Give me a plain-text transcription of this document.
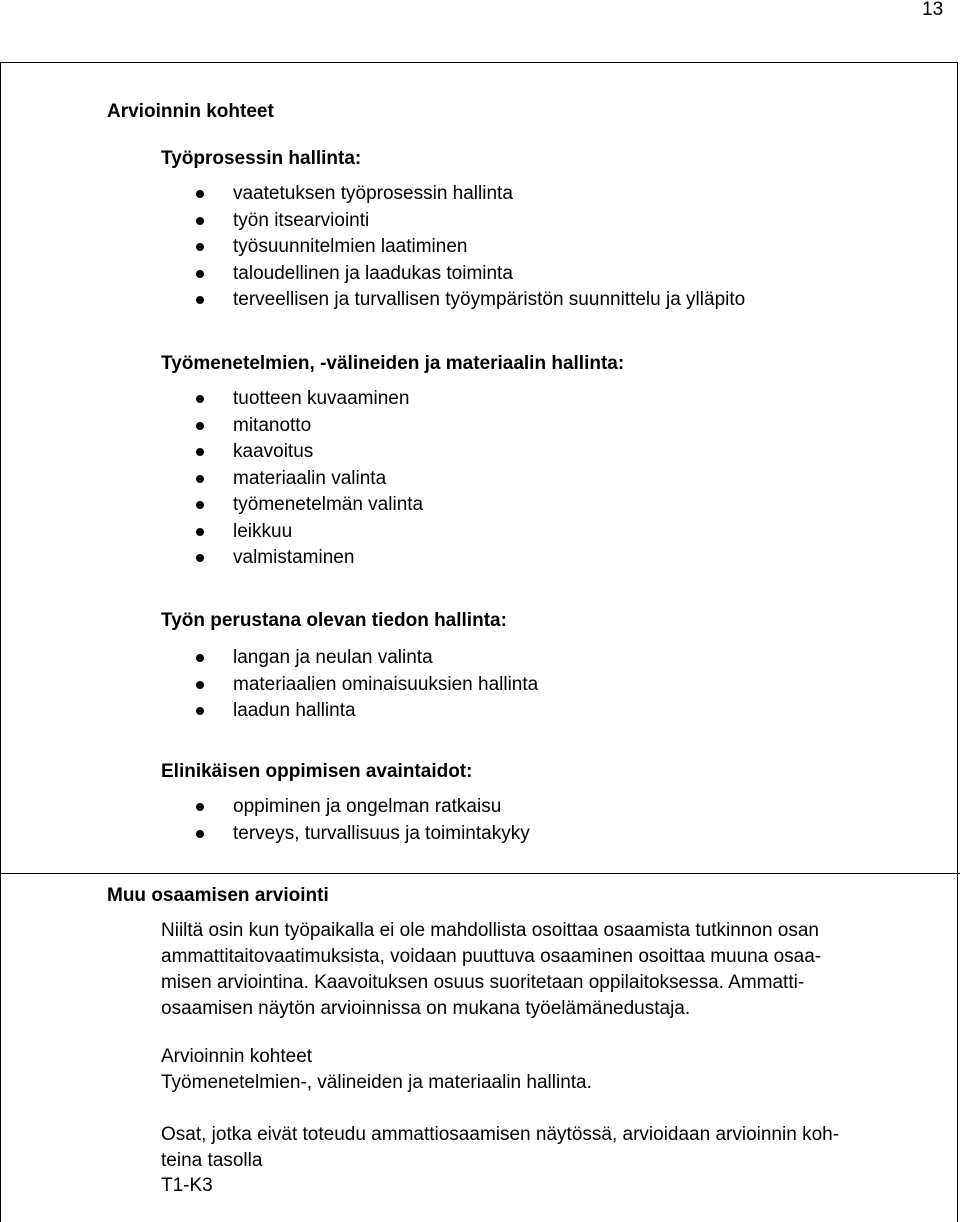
13
Arvioinnin kohteet
Työprosessin hallinta:
vaatetuksen työprosessin hallinta
työn itsearviointi
työsuunnitelmien laatiminen
taloudellinen ja laadukas toiminta
terveellisen ja turvallisen työympäristön suunnittelu ja ylläpito
Työmenetelmien, -välineiden ja materiaalin hallinta:
tuotteen kuvaaminen
mitanotto
kaavoitus
materiaalin valinta
työmenetelmän valinta
leikkuu
valmistaminen
Työn perustana olevan tiedon hallinta:
langan ja neulan valinta
materiaalien ominaisuuksien hallinta
laadun hallinta
Elinikäisen oppimisen avaintaidot:
oppiminen ja ongelman ratkaisu
terveys, turvallisuus ja toimintakyky
Muu osaamisen arviointi
Niiltä osin kun työpaikalla ei ole mahdollista osoittaa osaamista tutkinnon osan
ammattitaitovaatimuksista, voidaan puuttuva osaaminen osoittaa muuna osaa-
misen arviointina. Kaavoituksen osuus suoritetaan oppilaitoksessa. Ammatti-
osaamisen näytön arvioinnissa on mukana työelämänedustaja.
Arvioinnin kohteet
Työmenetelmien-, välineiden ja materiaalin hallinta.
Osat, jotka eivät toteudu ammattiosaamisen näytössä, arvioidaan arvioinnin koh-
teina tasolla
T1-K3
